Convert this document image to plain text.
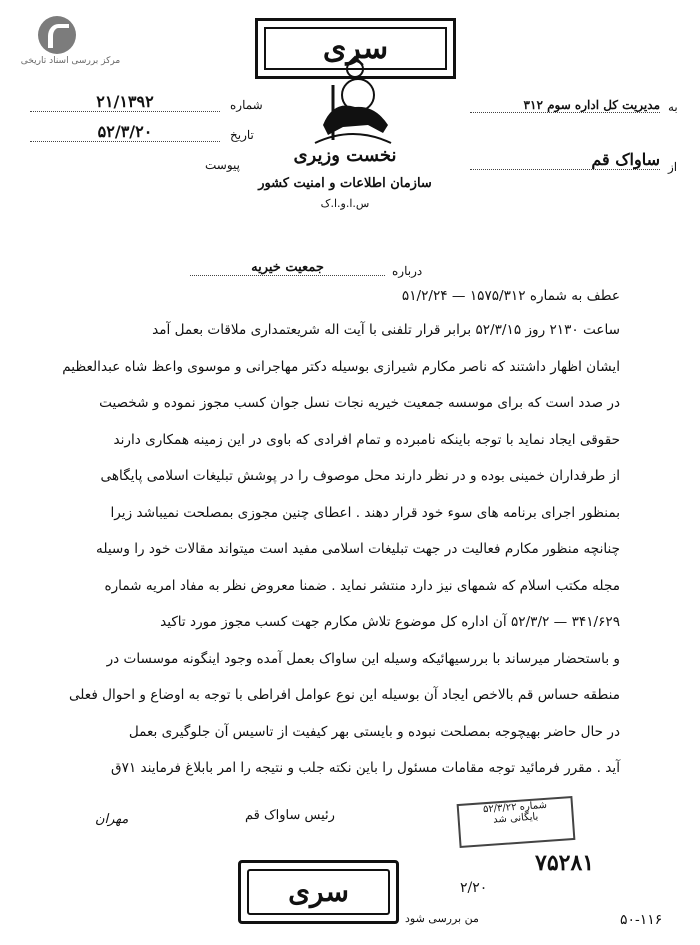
مرکز بررسی اسناد تاریخی	سری
نخست وزیری
سازمان اطلاعات و امنیت کشور
س.ا.و.ا.ک
شماره
۲۱/۱۳۹۲
تاریخ
۵۲/۳/۲۰
پیوست
به
مدیریت کل اداره سوم ۳۱۲
از
ساواک قم
درباره
جمعیت خیریه
عطف به شماره ۱۵۷۵/۳۱۲ — ۵۱/۲/۲۴
ساعت ۲۱۳۰ روز ۵۲/۳/۱۵ برابر قرار تلفنی با آیت اله شریعتمداری ملاقات بعمل آمد
ایشان اظهار داشتند که ناصر مکارم شیرازی بوسیله دکتر مهاجرانی و موسوی واعظ شاه عبدالعظیم
در صدد است که برای موسسه جمعیت خیریه نجات نسل جوان کسب مجوز نموده و شخصیت
حقوقی ایجاد نماید با توجه باینکه نامبرده و تمام افرادی که باوی در این زمینه همکاری دارند
از طرفداران خمینی بوده و در نظر دارند محل موصوف را در پوشش تبلیغات اسلامی پایگاهی
بمنظور اجرای برنامه های سوء خود قرار دهند . اعطای چنین مجوزی بمصلحت نمیباشد زیرا
چنانچه منظور مکارم فعالیت در جهت تبلیغات اسلامی مفید است میتواند مقالات خود را وسیله
مجله مکتب اسلام که شمهای نیز دارد منتشر نماید . ضمنا معروض نظر به مفاد امریه شماره
۳۴۱/۶۲۹ — ۵۲/۳/۲ آن اداره کل موضوع تلاش مکارم جهت کسب مجوز مورد تاکید
و باستحضار میرساند با بررسیهائیکه وسیله این ساواک بعمل آمده وجود اینگونه موسسات در
منطقه حساس قم بالاخص ایجاد آن بوسیله این نوع عوامل افراطی با توجه به اوضاع و احوال فعلی
در حال حاضر بهیچوجه بمصلحت نبوده و بایستی بهر کیفیت از تاسیس آن جلوگیری بعمل
آید . مقرر فرمائید توجه مقامات مسئول را باین نکته جلب و نتیجه را امر بابلاغ فرمایند ۷۱ق
رئیس ساواک قم
مهران
شماره ۵۲/۳/۲۲
بایگانی شد
۷۵۲۸۱
۵۰-۱۱۶
۲/۲۰
من بررسی شود
سری
